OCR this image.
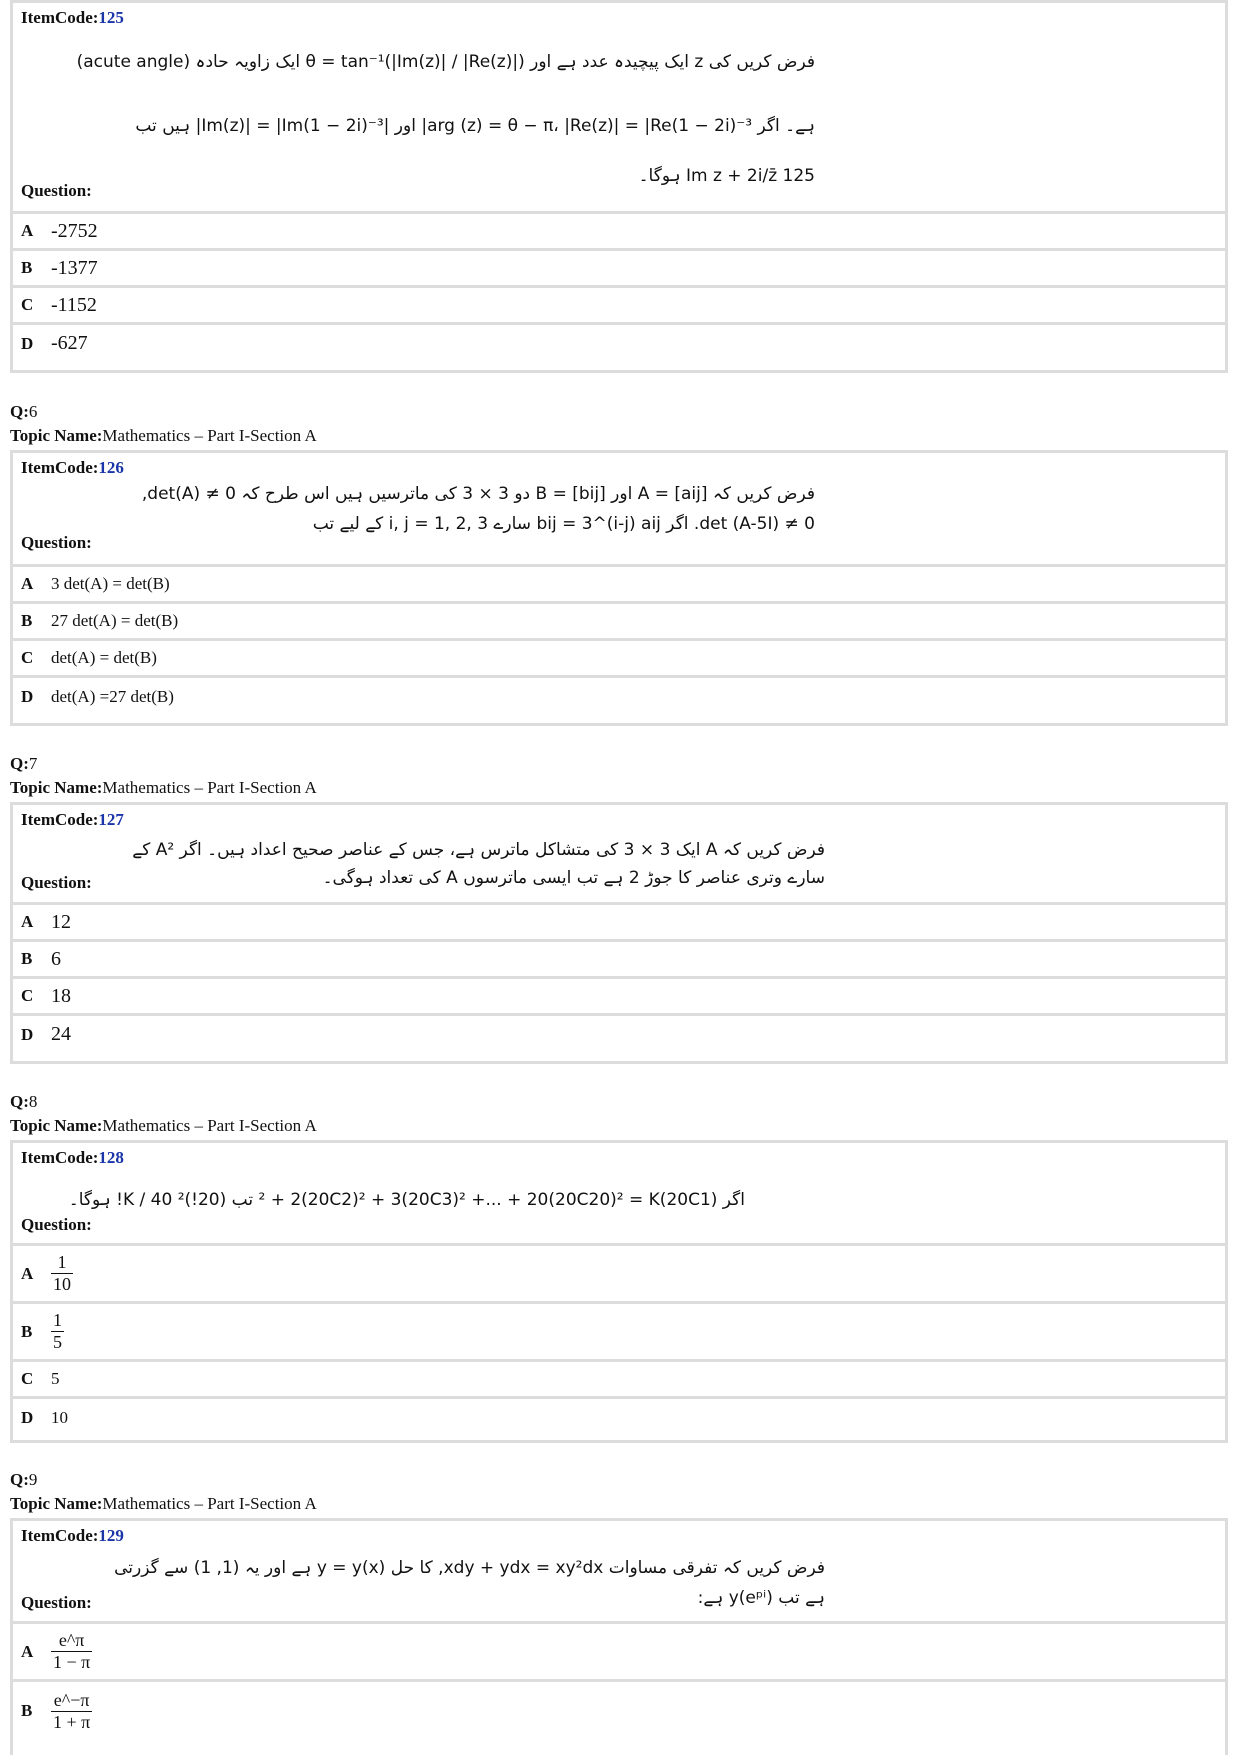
ItemCode:125
فرض کریں کی z ایک پیچیدہ عدد ہے اور θ = tan⁻¹(|Im(z)| / |Re(z)|) ایک زاویہ حادہ (acute angle)
ہے۔ اگر arg (z) = θ − π، |Re(z)| = |Re(1 − 2i)⁻³| اور |Im(z)| = |Im(1 − 2i)⁻³| ہیں تب
125 Im z + 2i/z̄ ہوگا۔
Question:
A -2752
B -1377
C -1152
D -627
Q:6
Topic Name:Mathematics – Part I-Section A
ItemCode:126
فرض کریں کہ A = [aij] اور B = [bij] دو 3 × 3 کی ماترسیں ہیں اس طرح کہ det(A) ≠ 0,
det (A-5I) ≠ 0. اگر bij = 3^(i-j) aij سارے i, j = 1, 2, 3 کے لیے تب
Question:
A	3 det(A) = det(B)
B	27 det(A) = det(B)
C	det(A) = det(B)
D	det(A) =27 det(B)
Q:7
Topic Name:Mathematics – Part I-Section A
ItemCode:127
فرض کریں کہ A ایک 3 × 3 کی متشاکل ماترس ہے، جس کے عناصر صحیح اعداد ہیں۔ اگر A² کے
سارے وتری عناصر کا جوڑ 2 ہے تب ایسی ماترسوں A کی تعداد ہوگی۔
Question:
A 12
B 6
C 18
D 24
Q:8
Topic Name:Mathematics – Part I-Section A
ItemCode:128
اگر (20C1)² + 2(20C2)² + 3(20C3)² +... + 20(20C20)² = K تب (20!)² K / 40! ہوگا۔
Question:
A $\frac{1}{10}$
B	$\frac{1}{5}$
C	5
D	10
Q:9
Topic Name:Mathematics – Part I-Section A
ItemCode:129
فرض کریں کہ تفرقی مساوات xdy + ydx = xy²dx, کا حل y = y(x) ہے اور یہ (1, 1) سے گزرتی
ہے تب y(eᵖⁱ) ہے:
Question:
A $\frac{e\^{}\pi}{1 - \pi}$
B	$\frac{e\^{}-\pi}{1 + \pi}$
